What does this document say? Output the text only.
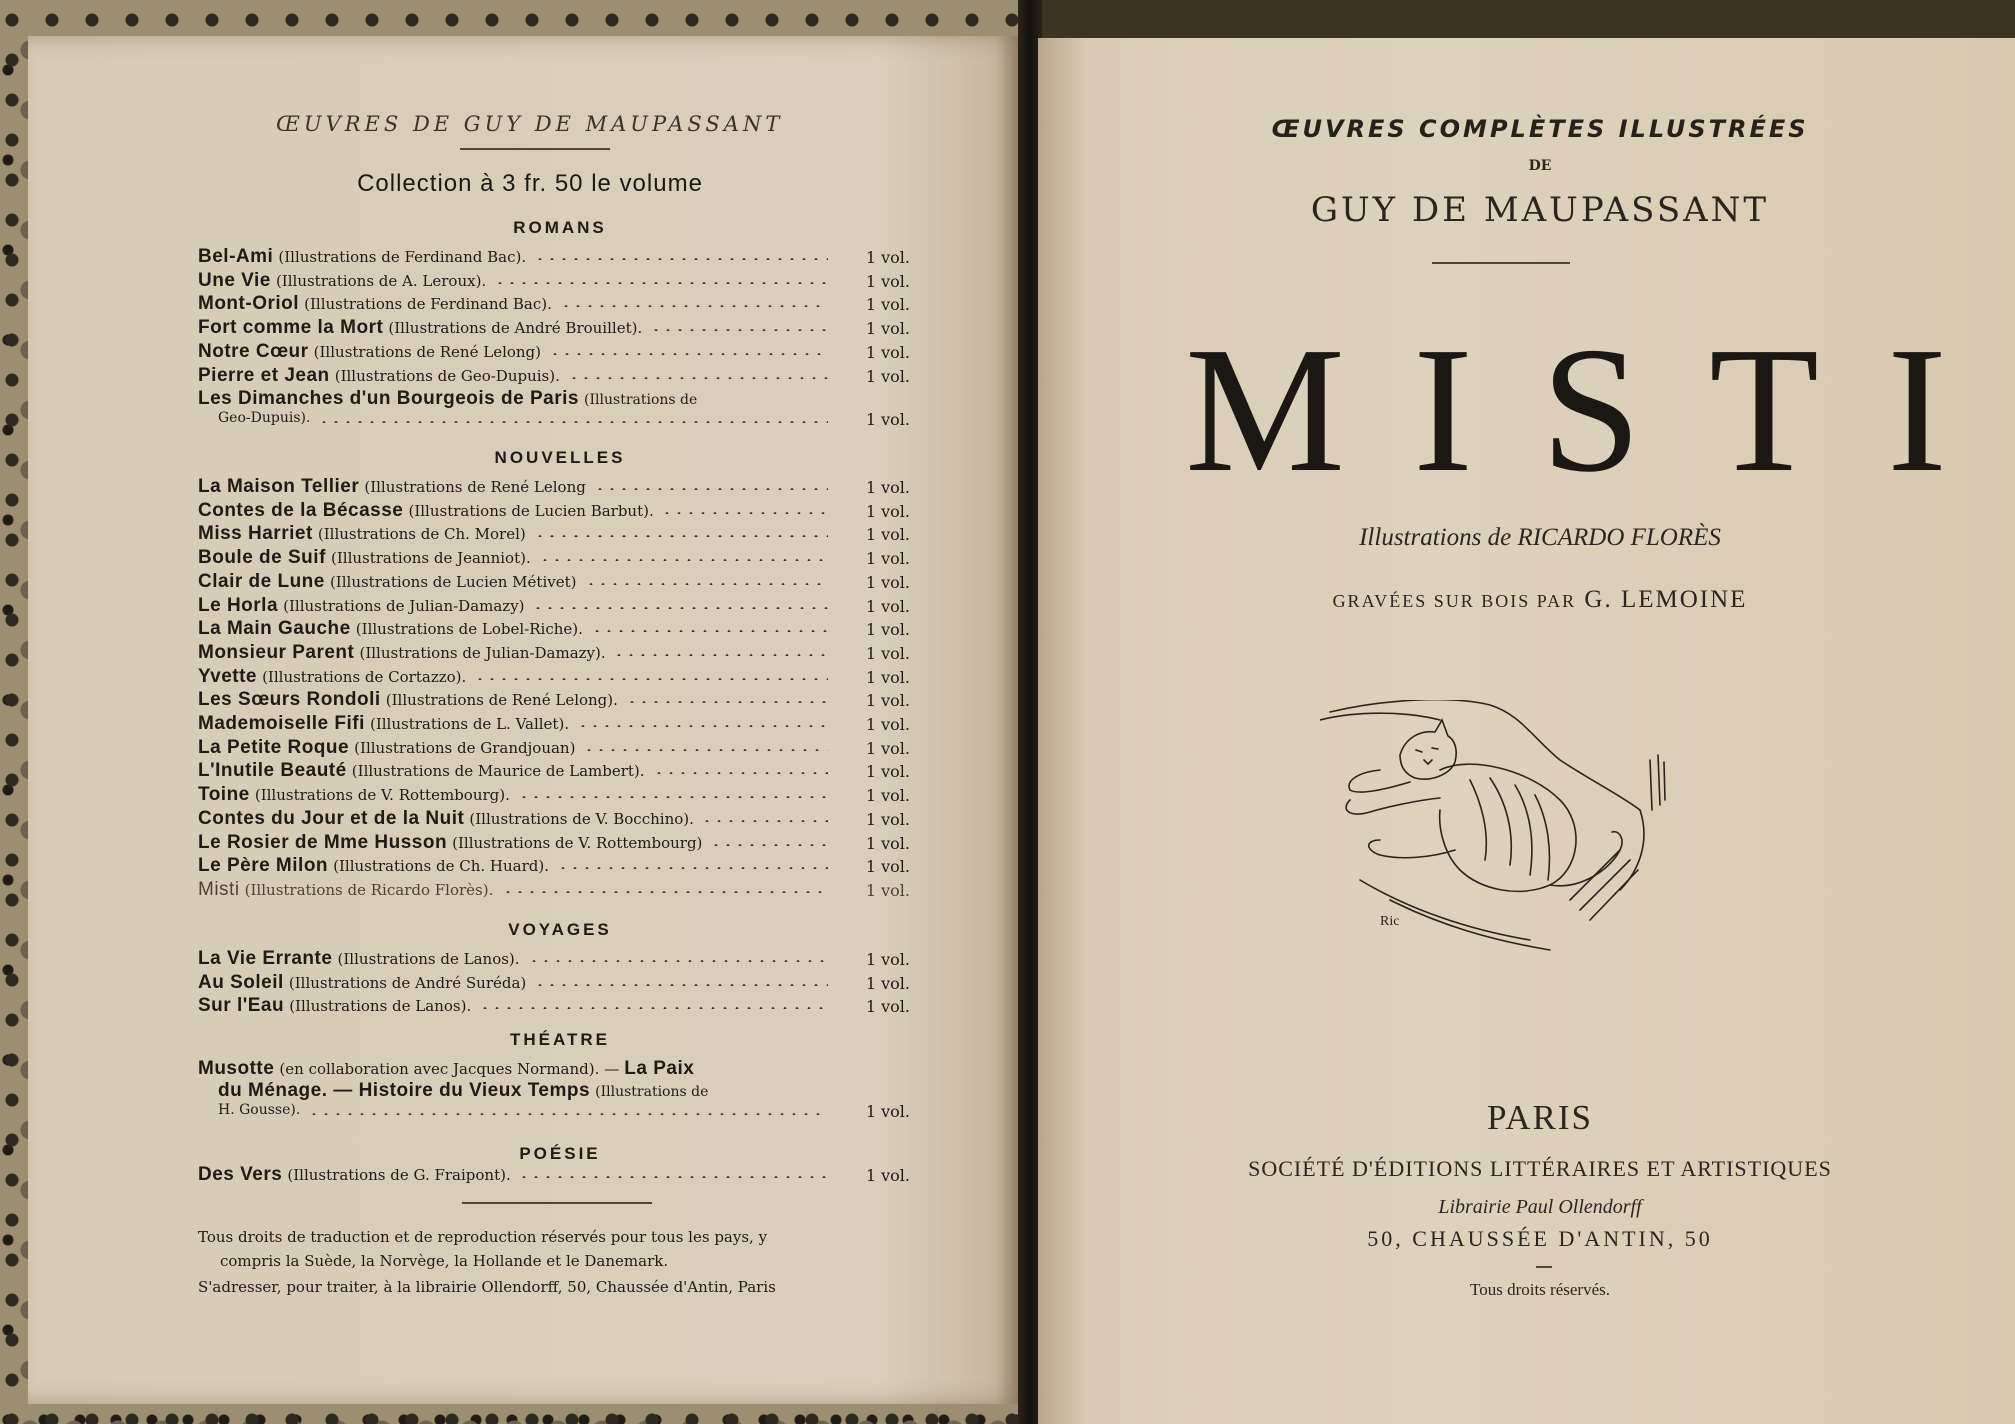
ŒUVRES DE GUY DE MAUPASSANT
Collection à 3 fr. 50 le volume
ROMANS
Bel-Ami (Illustrations de Ferdinand Bac).	1 vol.
Une Vie (Illustrations de A. Leroux).	1 vol.
Mont-Oriol (Illustrations de Ferdinand Bac).	1 vol.
Fort comme la Mort (Illustrations de André Brouillet).	1 vol.
Notre Cœur (Illustrations de René Lelong)	1 vol.
Pierre et Jean (Illustrations de Geo-Dupuis).	1 vol.
Les Dimanches d'un Bourgeois de Paris (Illustrations de
Geo-Dupuis).	1 vol.
NOUVELLES
La Maison Tellier (Illustrations de René Lelong	1 vol.
Contes de la Bécasse (Illustrations de Lucien Barbut).	1 vol.
Miss Harriet (Illustrations de Ch. Morel)	1 vol.
Boule de Suif (Illustrations de Jeanniot).	1 vol.
Clair de Lune (Illustrations de Lucien Métivet)	1 vol.
Le Horla (Illustrations de Julian-Damazy)	1 vol.
La Main Gauche (Illustrations de Lobel-Riche).	1 vol.
Monsieur Parent (Illustrations de Julian-Damazy).	1 vol.
Yvette (Illustrations de Cortazzo).	1 vol.
Les Sœurs Rondoli (Illustrations de René Lelong).	1 vol.
Mademoiselle Fifi (Illustrations de L. Vallet).	1 vol.
La Petite Roque (Illustrations de Grandjouan)	1 vol.
L'Inutile Beauté (Illustrations de Maurice de Lambert).	1 vol.
Toine (Illustrations de V. Rottembourg).	1 vol.
Contes du Jour et de la Nuit (Illustrations de V. Bocchino).	1 vol.
Le Rosier de Mme Husson (Illustrations de V. Rottembourg)	1 vol.
Le Père Milon (Illustrations de Ch. Huard).	1 vol.
Misti (Illustrations de Ricardo Florès).	1 vol.
VOYAGES
La Vie Errante (Illustrations de Lanos).	1 vol.
Au Soleil (Illustrations de André Suréda)	1 vol.
Sur l'Eau (Illustrations de Lanos).	1 vol.
THÉATRE
Musotte (en collaboration avec Jacques Normand). — La Paix
du Ménage. — Histoire du Vieux Temps (Illustrations de
H. Gousse).	1 vol.
POÉSIE
Des Vers (Illustrations de G. Fraipont).	1 vol.
Tous droits de traduction et de reproduction réservés pour tous les pays, y
compris la Suède, la Norvège, la Hollande et le Danemark.
S'adresser, pour traiter, à la librairie Ollendorff, 50, Chaussée d'Antin, Paris
ŒUVRES COMPLÈTES ILLUSTRÉES
DE
GUY DE MAUPASSANT
MISTI
Illustrations de RICARDO FLORÈS
GRAVÉES SUR BOIS PAR G. LEMOINE
Ric
PARIS
SOCIÉTÉ D'ÉDITIONS LITTÉRAIRES ET ARTISTIQUES
Librairie Paul Ollendorff
50, CHAUSSÉE D'ANTIN, 50
Tous droits réservés.
